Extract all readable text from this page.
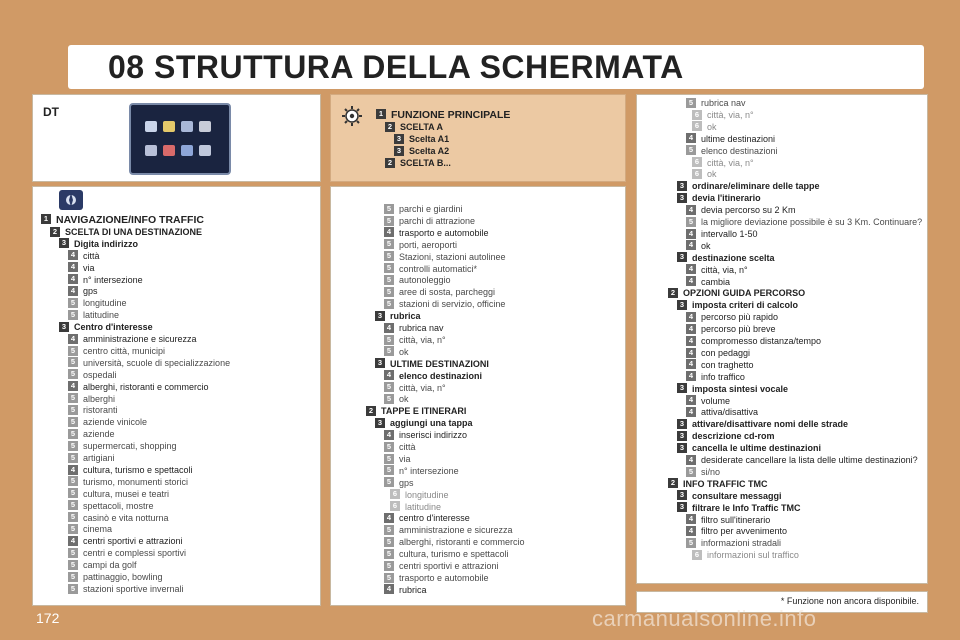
08 STRUTTURA DELLA SCHERMATA
DT	1 FUNZIONE PRINCIPALE
2 SCELTA A
3 Scelta A1
3 Scelta A2
2 SCELTA B...
1 NAVIGAZIONE/INFO TRAFFIC
2 SCELTA DI UNA DESTINAZIONE
3 Digita indirizzo
4 città
4 via
4 n° intersezione
4 gps
5 longitudine
5 latitudine
3 Centro d'interesse
4 amministrazione e sicurezza
5 centro città, municipi
5 università, scuole di specializzazione
5 ospedali
4 alberghi, ristoranti e commercio
5 alberghi
5 ristoranti
5 aziende vinicole
5 aziende
5 supermercati, shopping
5 artigiani
4 cultura, turismo e spettacoli
5 turismo, monumenti storici
5 cultura, musei e teatri
5 spettacoli, mostre
5 casinò e vita notturna
5 cinema
4 centri sportivi e attrazioni
5 centri e complessi sportivi
5 campi da golf
5 pattinaggio, bowling
5 stazioni sportive invernali
5 parchi e giardini
5 parchi di attrazione
4 trasporto e automobile
5 porti, aeroporti
5 Stazioni, stazioni autolinee
5 controlli automatici*
5 autonoleggio
5 aree di sosta, parcheggi
5 stazioni di servizio, officine
3 rubrica
4 rubrica nav
5 città, via, n°
5 ok
3 ULTIME DESTINAZIONI
4 elenco destinazioni
5 città, via, n°
5 ok
2 TAPPE E ITINERARI
3 aggiungi una tappa
4 inserisci indirizzo
5 città
5 via
5 n° intersezione
5 gps
6 longitudine
6 latitudine
4 centro d'interesse
5 amministrazione e sicurezza
5 alberghi, ristoranti e commercio
5 cultura, turismo e spettacoli
5 centri sportivi e attrazioni
5 trasporto e automobile
4 rubrica
5 rubrica nav
6 città, via, n°
6 ok
4 ultime destinazioni
5 elenco destinazioni
6 città, via, n°
6 ok
3 ordinare/eliminare delle tappe
3 devia l'itinerario
4 devia percorso su 2 Km
5 la migliore deviazione possibile è su 3 Km. Continuare?
4 intervallo 1-50
4 ok
3 destinazione scelta
4 città, via, n°
4 cambia
2 OPZIONI GUIDA PERCORSO
3 imposta criteri di calcolo
4 percorso più rapido
4 percorso più breve
4 compromesso distanza/tempo
4 con pedaggi
4 con traghetto
4 info traffico
3 imposta sintesi vocale
4 volume
4 attiva/disattiva
3 attivare/disattivare nomi delle strade
3 descrizione cd-rom
3 cancella le ultime destinazioni
4 desiderate cancellare la lista delle ultime destinazioni?
5 si/no
2 INFO TRAFFIC TMC
3 consultare messaggi
3 filtrare le Info Traffic TMC
4 filtro sull'itinerario
4 filtro per avvenimento
5 informazioni stradali
6 informazioni sul traffico
* Funzione non ancora disponibile.
172	carmanualsonline.info
